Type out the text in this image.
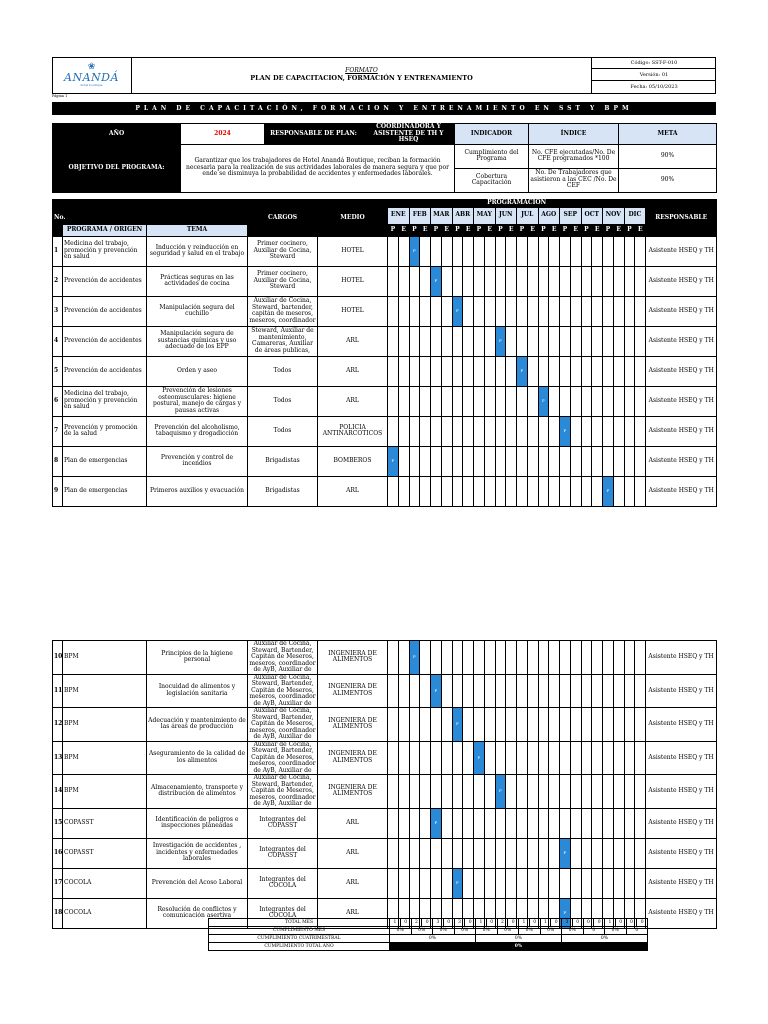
❀
ANANDÁ
hotel boutique
FORMATO
PLAN DE CAPACITACION, FORMACIÓN Y ENTRENAMIENTO
Código: SST-F-010
Versión: 01
Fecha: 05/10/2023
Página 1
PLAN DE CAPACITACIÓN, FORMACION Y ENTRENAMIENTO EN SST Y BPM
AÑO	2024	RESPONSABLE DE PLAN:	COORDINADORA Y ASISTENTE DE TH Y HSEQ	INDICADOR	ÍNDICE	META
OBJETIVO DEL PROGRAMA:	Garantizar que los trabajadores de Hotel Anandá Boutique, reciban la formación necesaria para la realización de sus actividades laborales de manera segura y que por ende se disminuya la probabilidad de accidentes y enfermedades laborales.			Cumplimiento del Programa	No. CFE ejecutadas/No. De CFE programados *100	90%
				Cobertura Capacitación	No. De Trabajadores que asistieron a las CEC /No. De CEF	90%
No.			CARGOS	MEDIO	PROGRAMACIÓN																								RESPONSABLE
					ENE		FEB		MAR		ABR		MAY		JUN		JUL		AGO		SEP		OCT		NOV		DIC		
	PROGRAMA / ORIGEN	TEMA			P	E	P	E	P	E	P	E	P	E	P	E	P	E	P	E	P	E	P	E	P	E	P	E	
1	Medicina del trabajo, promoción y prevención en salud	Inducción y reinducción en seguridad y salud en el trabajo	Primer cocinero, Auxiliar de Cocina, Steward	HOTEL			P																						Asistente HSEQ y TH
2	Prevención de accidentes	Prácticas seguras en las actividades de cocina	Primer cocinero, Auxiliar de Cocina, Steward	HOTEL					P																				Asistente HSEQ y TH
3	Prevención de accidentes	Manipulación segura del cuchillo	Auxiliar de Cocina, Steward, bartender, capitán de meseros, meseros, coordinador	HOTEL							P																		Asistente HSEQ y TH
4	Prevención de accidentes	Manipulación segura de sustancias químicas y uso adecuado de los EPP	Steward, Auxiliar de mantenimiento, Camareras, Auxiliar de áreas publicas,	ARL											P														Asistente HSEQ y TH
5	Prevención de accidentes	Orden y aseo	Todos	ARL													P												Asistente HSEQ y TH
6	Medicina del trabajo, promoción y prevención en salud	Prevención de lesiones osteomusculares: higiene postural, manejo de cargas y pausas activas	Todos	ARL															P										Asistente HSEQ y TH
7	Prevención y promoción de la salud	Prevención del alcoholismo, tabaquismo y drogadicción	Todos	POLICIA ANTINARCOTICOS																	P								Asistente HSEQ y TH
8	Plan de emergencias	Prevención y control de incendios	Brigadistas	BOMBEROS	P																								Asistente HSEQ y TH
9	Plan de emergencias	Primeros auxilios y evacuación	Brigadistas	ARL																					P				Asistente HSEQ y TH
10	BPM	Principios de la higiene personal	Auxiliar de Cocina, Steward, Bartender, Capitán de Meseros, meseros, coordinador de AyB, Auxiliar de	INGENIERA DE ALIMENTOS			P																						Asistente HSEQ y TH
11	BPM	Inocuidad de alimentos y legislación sanitaria	Auxiliar de Cocina, Steward, Bartender, Capitán de Meseros, meseros, coordinador de AyB, Auxiliar de	INGENIERA DE ALIMENTOS					P																				Asistente HSEQ y TH
12	BPM	Adecuación y mantenimiento de las áreas de producción	Auxiliar de Cocina, Steward, Bartender, Capitán de Meseros, meseros, coordinador de AyB, Auxiliar de	INGENIERA DE ALIMENTOS							P																		Asistente HSEQ y TH
13	BPM	Aseguramiento de la calidad de los alimentos	Auxiliar de Cocina, Steward, Bartender, Capitán de Meseros, meseros, coordinador de AyB, Auxiliar de	INGENIERA DE ALIMENTOS									P																Asistente HSEQ y TH
14	BPM	Almacenamiento, transporte y distribución de alimentos	Auxiliar de Cocina, Steward, Bartender, Capitán de Meseros, meseros, coordinador de AyB, Auxiliar de	INGENIERA DE ALIMENTOS											P														Asistente HSEQ y TH
15	COPASST	Identificación de peligros e inspecciones planeadas	Integrantes del COPASST	ARL					P																				Asistente HSEQ y TH
16	COPASST	Investigación de accidentes , incidentes y enfermedades laborales	Integrantes del COPASST	ARL																	P								Asistente HSEQ y TH
17	COCOLA	Prevención del Acoso Laboral	Integrantes del COCOLA	ARL							P																		Asistente HSEQ y TH
18	COCOLA	Resolución de conflictos y comunicación asertiva	Integrantes del COCOLA	ARL																	P								Asistente HSEQ y TH
TOTAL MES	1	0	2	0	3	0	3	0	1	0	2	0	1	0	1	0	3	0	0	0	1	0	0	0
CUMPLIMIENTO MES	0%		0%		0%		0%		0%		0%		0%		0%		0%		0		0%		0	
CUMPLIMIENTO CUATRIMESTRAL	0%								0%								0%							
CUMPLIMIENTO TOTAL AÑO	0%																							
